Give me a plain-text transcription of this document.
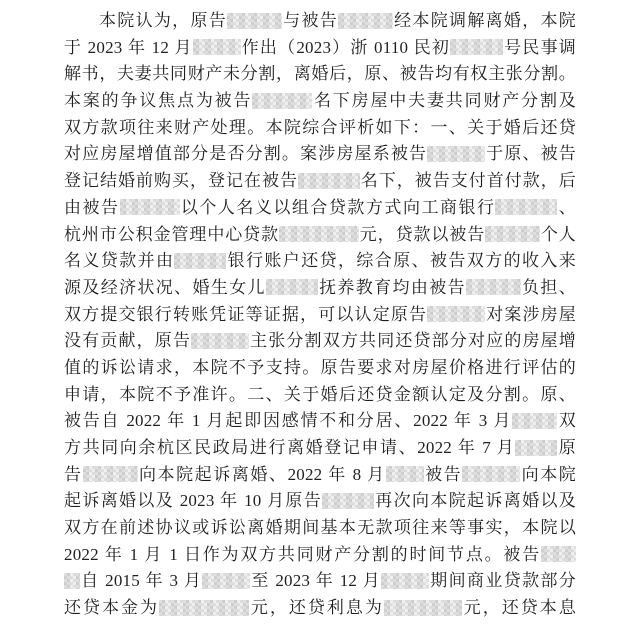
本院认为，原告	与被告	经本院调解离婚，本院
于 2023 年 12 月	作出（2023）浙 0110 民初	号民事调
解书，夫妻共同财产未分割，离婚后，原、被告均有权主张分割。
本案的争议焦点为被告	名下房屋中夫妻共同财产分割及
双方款项往来财产处理。本院综合评析如下：一、关于婚后还贷
对应房屋增值部分是否分割。案涉房屋系被告	于原、被告
登记结婚前购买，登记在被告	名下，被告支付首付款，后
由被告	以个人名义以组合贷款方式向工商银行	、
杭州市公积金管理中心贷款	元，贷款以被告	个人
名义贷款并由	银行账户还贷，综合原、被告双方的收入来
源及经济状况、婚生女儿	抚养教育均由被告	负担、
双方提交银行转账凭证等证据，可以认定原告	对案涉房屋
没有贡献，原告	主张分割双方共同还贷部分对应的房屋增
值的诉讼请求，本院不予支持。原告要求对房屋价格进行评估的
申请，本院不予准许。二、关于婚后还贷金额认定及分割。原、
被告自 2022 年 1 月起即因感情不和分居、2022 年 3 月	双
方共同向余杭区民政局进行离婚登记申请、2022 年 7 月 原
告	向本院起诉离婚、2022 年 8 月 被告	向本院
起诉离婚以及 2023 年 10 月原告	再次向本院起诉离婚以及
双方在前述协议或诉讼离婚期间基本无款项往来等事实，本院以
2022 年 1 月 1 日作为双方共同财产分割的时间节点。被告
自 2015 年 3 月	至 2023 年 12 月	期间商业贷款部分
还贷本金为	元，还贷利息为	元，还贷本息
